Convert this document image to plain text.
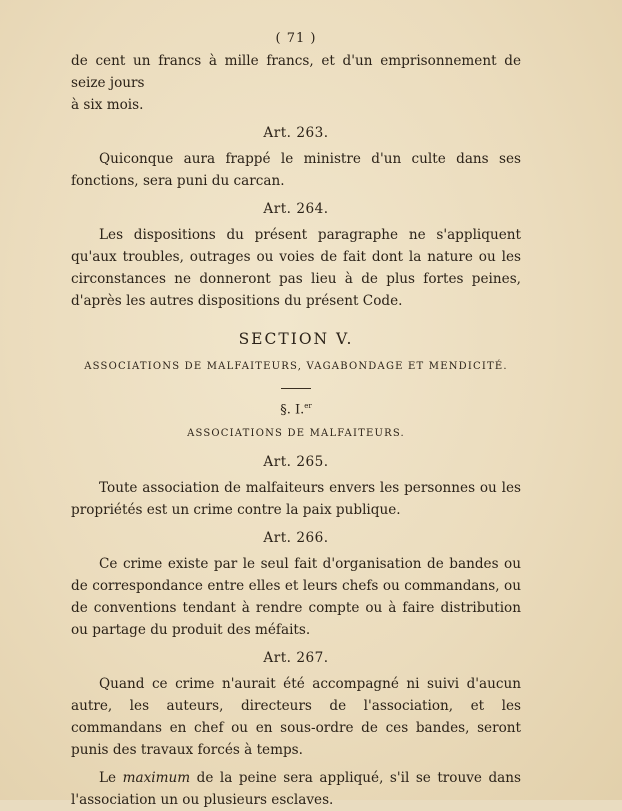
( 71 )

de cent un francs à mille francs, et d'un emprisonnement de seize jours
à six mois.

Art. 263.

Quiconque aura frappé le ministre d'un culte dans ses fonctions, sera puni du carcan.

Art. 264.

Les dispositions du présent paragraphe ne s'appliquent qu'aux troubles, outrages ou voies de fait dont la nature ou les circonstances ne donneront pas lieu à de plus fortes peines, d'après les autres dispositions du présent Code.

SECTION V.
ASSOCIATIONS DE MALFAITEURS, VAGABONDAGE ET MENDICITÉ.
§. I.$^{er}$
ASSOCIATIONS DE MALFAITEURS.
Art. 265.

Toute association de malfaiteurs envers les personnes ou les propriétés est un crime contre la paix publique.

Art. 266.

Ce crime existe par le seul fait d'organisation de bandes ou de correspondance entre elles et leurs chefs ou commandans, ou de conventions tendant à rendre compte ou à faire distribution ou partage du produit des méfaits.

Art. 267.

Quand ce crime n'aurait été accompagné ni suivi d'aucun autre, les auteurs, directeurs de l'association, et les commandans en chef ou en sous-ordre de ces bandes, seront punis des travaux forcés à temps.

Le maximum de la peine sera appliqué, s'il se trouve dans l'association un ou plusieurs esclaves.
